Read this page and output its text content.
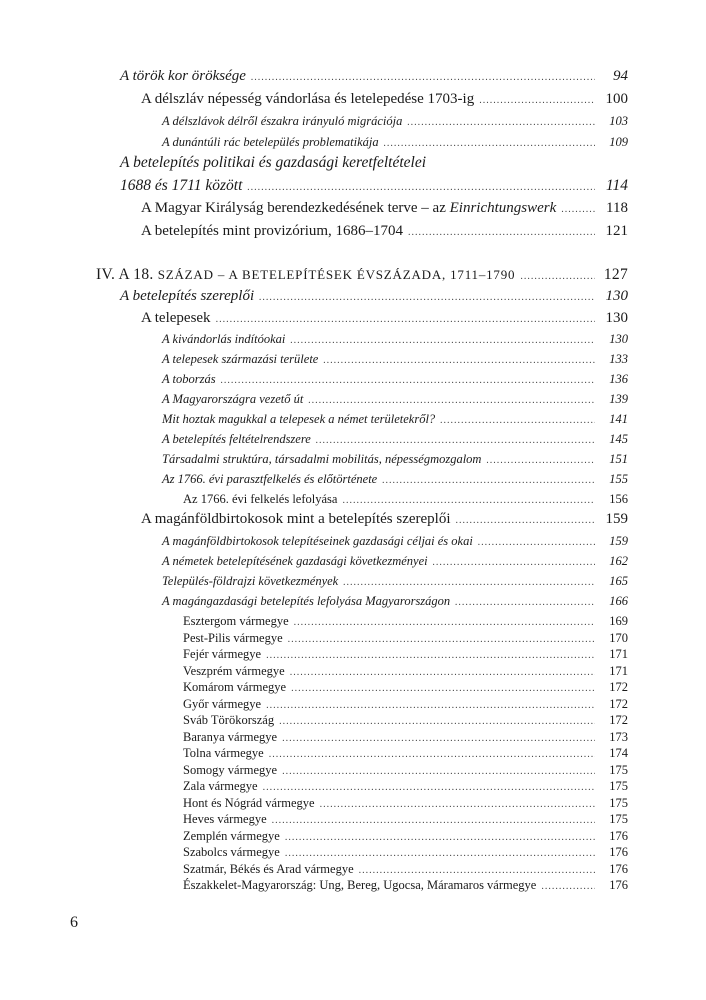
A török kor öröksége .....	94
A délszláv népesség vándorlása és letelepedése 1703-ig .....	100
A délszlávok délről északra irányuló migrációja .....	103
A dunántúli rác betelepülés problematikája .....	109
A betelepítés politikai és gazdasági keretfeltételei
1688 és 1711 között .....	114
A Magyar Királyság berendezkedésének terve – az Einrichtungswerk .....	118
A betelepítés mint provizórium, 1686–1704 .....	121
IV. A 18. SZÁZAD – A BETELEPÍTÉSEK ÉVSZÁZADA, 1711–1790 .....	127
A betelepítés szereplői .....	130
A telepesek .....	130
A kivándorlás indítóokai .....	130
A telepesek származási területe .....	133
A toborzás .....	136
A Magyarországra vezető út .....	139
Mit hoztak magukkal a telepesek a német területekről? .....	141
A betelepítés feltételrendszere .....	145
Társadalmi struktúra, társadalmi mobilitás, népességmozgalom .....	151
Az 1766. évi parasztfelkelés és előtörténete .....	155
Az 1766. évi felkelés lefolyása .....	156
A magánföldbirtokosok mint a betelepítés szereplői .....	159
A magánföldbirtokosok telepítéseinek gazdasági céljai és okai .....	159
A németek betelepítésének gazdasági következményei .....	162
Település-földrajzi következmények .....	165
A magángazdasági betelepítés lefolyása Magyarországon .....	166
Esztergom vármegye .....	169
Pest-Pilis vármegye .....	170
Fejér vármegye .....	171
Veszprém vármegye .....	171
Komárom vármegye .....	172
Győr vármegye .....	172
Sváb Törökország .....	172
Baranya vármegye .....	173
Tolna vármegye .....	174
Somogy vármegye .....	175
Zala vármegye .....	175
Hont és Nógrád vármegye .....	175
Heves vármegye .....	175
Zemplén vármegye .....	176
Szabolcs vármegye .....	176
Szatmár, Békés és Arad vármegye .....	176
Északkelet-Magyarország: Ung, Bereg, Ugocsa, Máramaros vármegye .....	176
6
